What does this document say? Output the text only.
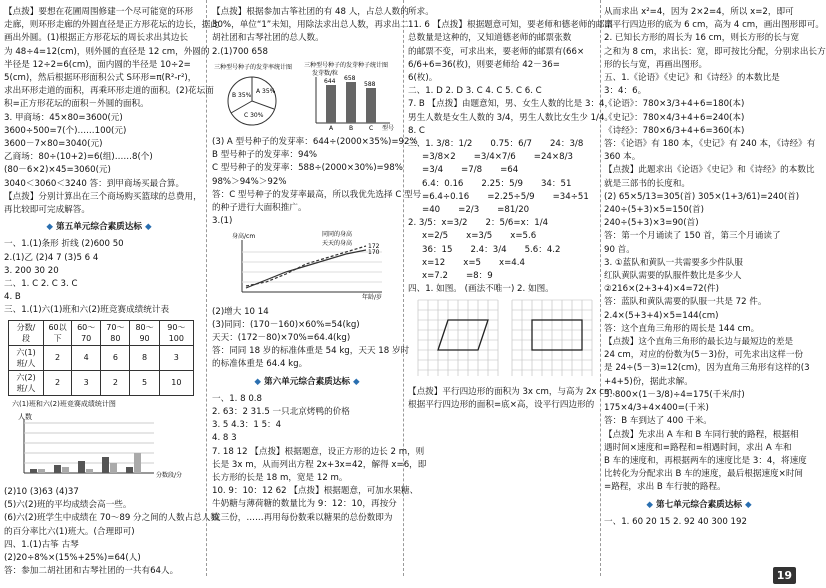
【点拨】要想在花圃周围修建一个尽可能宽的环形
走廊，则环形走廊的外圆直径是正方形花坛的边长，据此
画出外圆。(1)根据正方形花坛的周长求出其边长
为 48÷4=12(cm)，则外圆的直径是 12 cm，外圆的
半径是 12÷2=6(cm)，面内圆的半径是 10÷2=
5(cm)，然后根据环形面积公式 S环形=π(R²-r²)，
求出环形走道的面积，再乘环形走道的面积。(2)花坛面
积=正方形花坛的面积－外圆的面积。
3. 甲商场：45×80=3600(元)
3600÷500=7(个)……100(元)
3600－7×80=3040(元)
乙商场：80÷(10+2)=6(组)……8(个)
(80－6×2)×45=3060(元)
3040＜3060＜3240 答：到甲商场买最合算。
【点拨】分别计算出在三个商场购买篮球的总费用，
再比较即可完成解答。
◆ 第五单元综合素质达标 ◆
一、1.(1)条形 折线 (2)600 50
2.(1)乙 (2)4 7 (3)5 6 4
3. 200 30 20
二、1. C 2. C 3. C
4. B
三、1.(1)六(1)班和六(2)班竞赛成绩统计表
分数/段	60以下	60～70	70～80	80～90	90～100
六(1)班/人	2	4	6	8	3
六(2)班/人	2	3	2	5	10
六(1)班和六(2)班竞赛成绩统计图
人数
分数段/分
(2)10 (3)63 (4)37
(5)六(2)班的平均成绩会高一些。
(6)六(2)班学生中成绩在 70～89 分之间的人数占总人数
的百分率比六(1)班大。(合理即可)
四、1.(1)古筝 古琴
(2)20÷8%×(15%+25%)=64(人)
答：参加二胡社团和古琴社团的一共有64人。
【点拨】根据参加古筝社团的有 48 人，占总人数的
30%，单位“1”未知，用除法求出总人数，再求出二
胡社团和古琴社团的总人数。
2.(1)700 658
三种型号种子的发芽率统计图
A 35%
B 35%
C 30%
三种型号种子的发芽种子统计图
发芽数/粒
644 658
588
A	B	C 型号
(3) A 型号种子的发芽率：644÷(2000×35%)=92%
B 型号种子的发芽率：94%
C 型号种子的发芽率：588÷(2000×30%)=98%
98%＞94%＞92%
答：C 型号种子的发芽率最高，所以我优先选择 C 型号
的种子进行大面积推广。
3.(1)
身高/cm	同同的身高
天天的身高	172
170
年龄/岁
(2)增大 10 14
(3)同同：(170－160)×60%=54(kg)
天天：(172－80)×70%=64.4(kg)
答：同同 18 岁的标准体重是 54 kg，天天 18 岁时
的标准体重是 64.4 kg。
◆ 第六单元综合素质达标 ◆
一、1. 8 0.8
2. 63：2 31.5 一只北京烤鸭的价格
3. 5 4.3：1 5：4
4. 8 3
7. 18 12 【点拨】根据题意，设正方形的边长 2 m，则
长是 3x m，从而列出方程 2x+3x=42，解得 x=6，即
长方形的长是 18 m，宽是 12 m。
10. 9：10：12 62 【点拨】根据题意，可加水果糖、
牛奶糖与薄荷糖的数量比为 9：12：10，再按分
成三份，……再用每份数乘以糖果的总份数即为
所求。
11. 6 【点拨】根据题意可知，要老师和德老师的邮票
总数量是这种的，又知道德老师的邮票张数
的邮票不变，可求出来，要老师的邮票有(66×
6/6+6=36(枚)，则要老师给 42－36=
6(枚)。
二、1. D 2. D 3. C 4. C 5. C 6. C
7. B 【点拨】由题意知，男、女生人数的比是 3：4，
男生人数是女生人数的 3/4，男生人数比女生少 1/4。
8. C
三、1. 3/8：1/2 0.75：6/7 24：3/8
=3/8×2 =3/4×7/6 =24×8/3
=3/4 =7/8 =64
6.4：0.16 2.25：5/9 34：51
=6.4÷0.16 =2.25÷5/9 =34÷51
=40 =2/3 =81/20
2. 3/5：x=3/2 2：5/6=x：1/4
x=2/5 x=3/5 x=5.6
36：15 2.4：3/4 5.6：4.2
x=12 x=5 x=4.4
x=7.2 =8：9
四、1. 如图。 (画法不唯一) 2. 如图。
【点拨】平行四边形的面积为 3x cm，与高为 2x cm，
根据平行四边形的面积=底×高，设平行四边形的
从而求出 x²=4，因为 2×2=4，所以 x=2，即可
出平行四边形的底为 6 cm，高为 4 cm，画出图形即可。
2. 已知长方形的周长为 16 cm，则长方形的长与宽
之和为 8 cm，求出长：宽，即可按比分配，分别求出长方
形的长与宽，再画出图形。
五、1.《论语》《史记》和《诗经》的本数比是
3：4：6。
《论语》：780×3/3+4+6=180(本)
《史记》：780×4/3+4+6=240(本)
《诗经》：780×6/3+4+6=360(本)
答：《论语》有 180 本，《史记》有 240 本，《诗经》有
360 本。
【点拨】此题求出《论语》《史记》和《诗经》的本数比
就是三部书的长度和。
(2) 65×5/13=305(首) 305×(1+3/61)=240(首)
240÷(5+3)×5=150(首)
240÷(5+3)×3=90(首)
答：第一个月诵读了 150 首，第三个月诵读了
90 首。
3. ①蓝队和黄队一共需要多少件队服
红队黄队需要的队服件数比是多少人
②216×(2+3+4)×4=72(件)
答：蓝队和黄队需要的队服一共是 72 件。
2.4×(5+3+4)×5=144(cm)
答：这个直角三角形的周长是 144 cm。
【点拨】这个直角三角形的最长边与最短边的差是
24 cm，对应的份数为(5－3)份，可先求出这样一份
是 24÷(5－3)=12(cm)，因为直角三角形有这样的(3
+4+5)份，据此求解。
3. 800×(1－3/8)÷4=175(千米/时)
175×4/3+4×400=(千米)
答：B 车到达了 400 千米。
【点拨】先求出 A 车和 B 车同行驶的路程，根据相
遇时间×速度和=路程和=相遇时间，求出 A 车和
B 车的速度和，再根据两车的速度比是 3：4，将速度
比转化为分配求出 B 车的速度，最后根据速度×时间
=路程，求出 B 车行驶的路程。
◆ 第七单元综合素质达标 ◆
一、1. 60 20 15 2. 92 40 300 192
19
